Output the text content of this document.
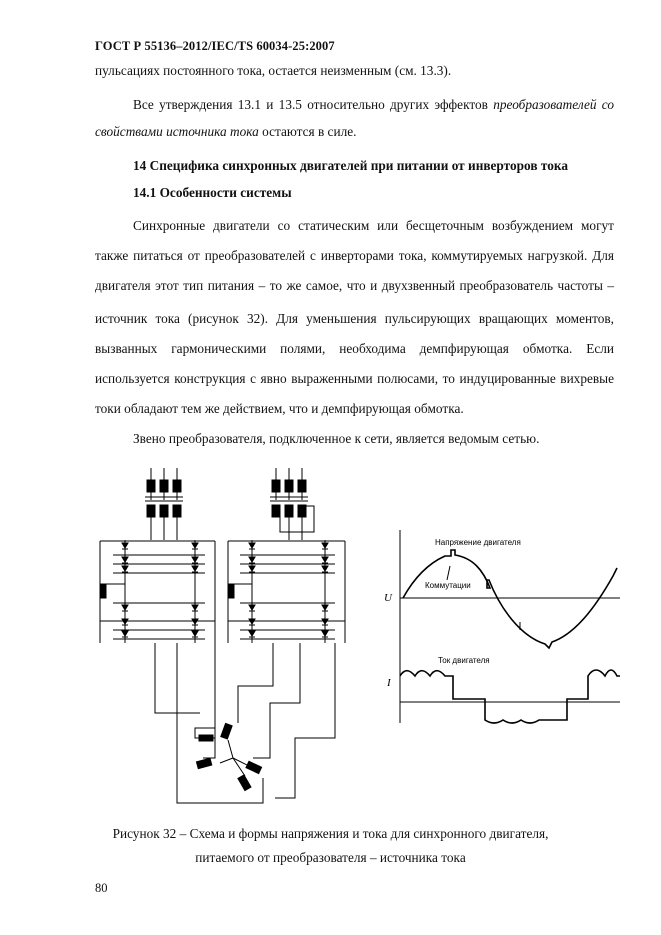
ГОСТ Р 55136–2012/IEC/TS 60034-25:2007
пульсациях постоянного тока, остается неизменным (см. 13.3).
Все утверждения 13.1 и 13.5 относительно других эффектов преобразователей со
свойствами источника тока остаются в силе.
14 Специфика синхронных двигателей при питании от инверторов тока
14.1 Особенности системы
Синхронные двигатели со статическим или бесщеточным возбуждением могут
также питаться от преобразователей с инверторами тока, коммутируемых нагрузкой. Для
двигателя этот тип питания – то же самое, что и двухзвенный преобразователь частоты –
источник тока (рисунок 32). Для уменьшения пульсирующих вращающих моментов,
вызванных гармоническими полями, необходима демпфирующая обмотка. Если
используется конструкция с явно выраженными полюсами, то индуцированные вихревые
токи обладают тем же действием, что и демпфирующая обмотка.
Звено преобразователя, подключенное к сети, является ведомым сетью.
Напряжение двигателя
Коммутации
Ток двигателя
U
I
Рисунок 32 – Схема и формы напряжения и тока для синхронного двигателя,
питаемого от преобразователя – источника тока
80
